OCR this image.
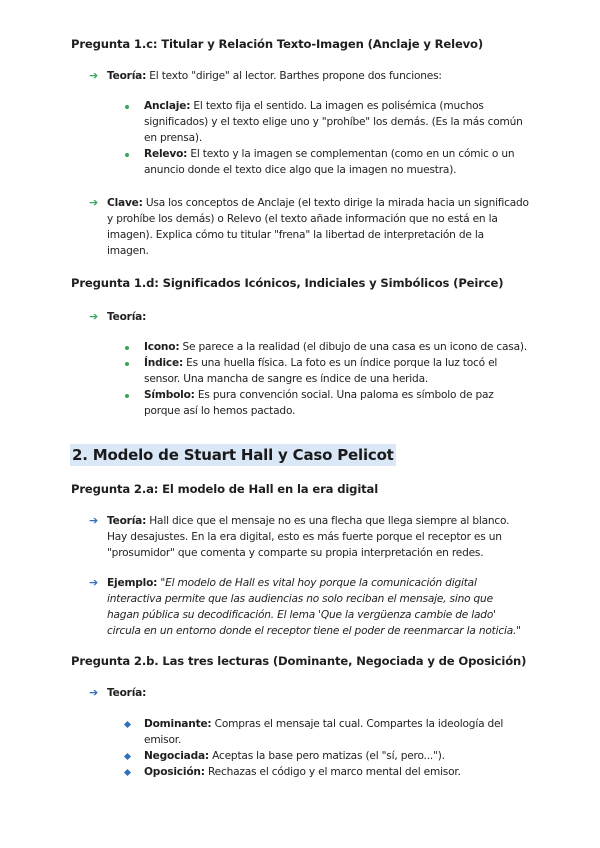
Pregunta 1.c: Titular y Relación Texto-Imagen (Anclaje y Relevo)
➔ Teoría: El texto "dirige" al lector. Barthes propone dos funciones:
Anclaje: El texto fija el sentido. La imagen es polisémica (muchos
significados) y el texto elige uno y "prohíbe" los demás. (Es la más común
en prensa).
Relevo: El texto y la imagen se complementan (como en un cómic o un
anuncio donde el texto dice algo que la imagen no muestra).
➔ Clave: Usa los conceptos de Anclaje (el texto dirige la mirada hacia un significado
y prohíbe los demás) o Relevo (el texto añade información que no está en la
imagen). Explica cómo tu titular "frena" la libertad de interpretación de la
imagen.
Pregunta 1.d: Significados Icónicos, Indiciales y Simbólicos (Peirce)
➔ Teoría:
Icono: Se parece a la realidad (el dibujo de una casa es un icono de casa).
Índice: Es una huella física. La foto es un índice porque la luz tocó el
sensor. Una mancha de sangre es índice de una herida.
Símbolo: Es pura convención social. Una paloma es símbolo de paz
porque así lo hemos pactado.
2. Modelo de Stuart Hall y Caso Pelicot
Pregunta 2.a: El modelo de Hall en la era digital
➔ Teoría: Hall dice que el mensaje no es una flecha que llega siempre al blanco.
Hay desajustes. En la era digital, esto es más fuerte porque el receptor es un
"prosumidor" que comenta y comparte su propia interpretación en redes.
➔ Ejemplo: "El modelo de Hall es vital hoy porque la comunicación digital
interactiva permite que las audiencias no solo reciban el mensaje, sino que
hagan pública su decodificación. El lema 'Que la vergüenza cambie de lado'
circula en un entorno donde el receptor tiene el poder de reenmarcar la noticia."
Pregunta 2.b. Las tres lecturas (Dominante, Negociada y de Oposición)
➔ Teoría:
Dominante: Compras el mensaje tal cual. Compartes la ideología del
emisor.
Negociada: Aceptas la base pero matizas (el "sí, pero...").
Oposición: Rechazas el código y el marco mental del emisor.
